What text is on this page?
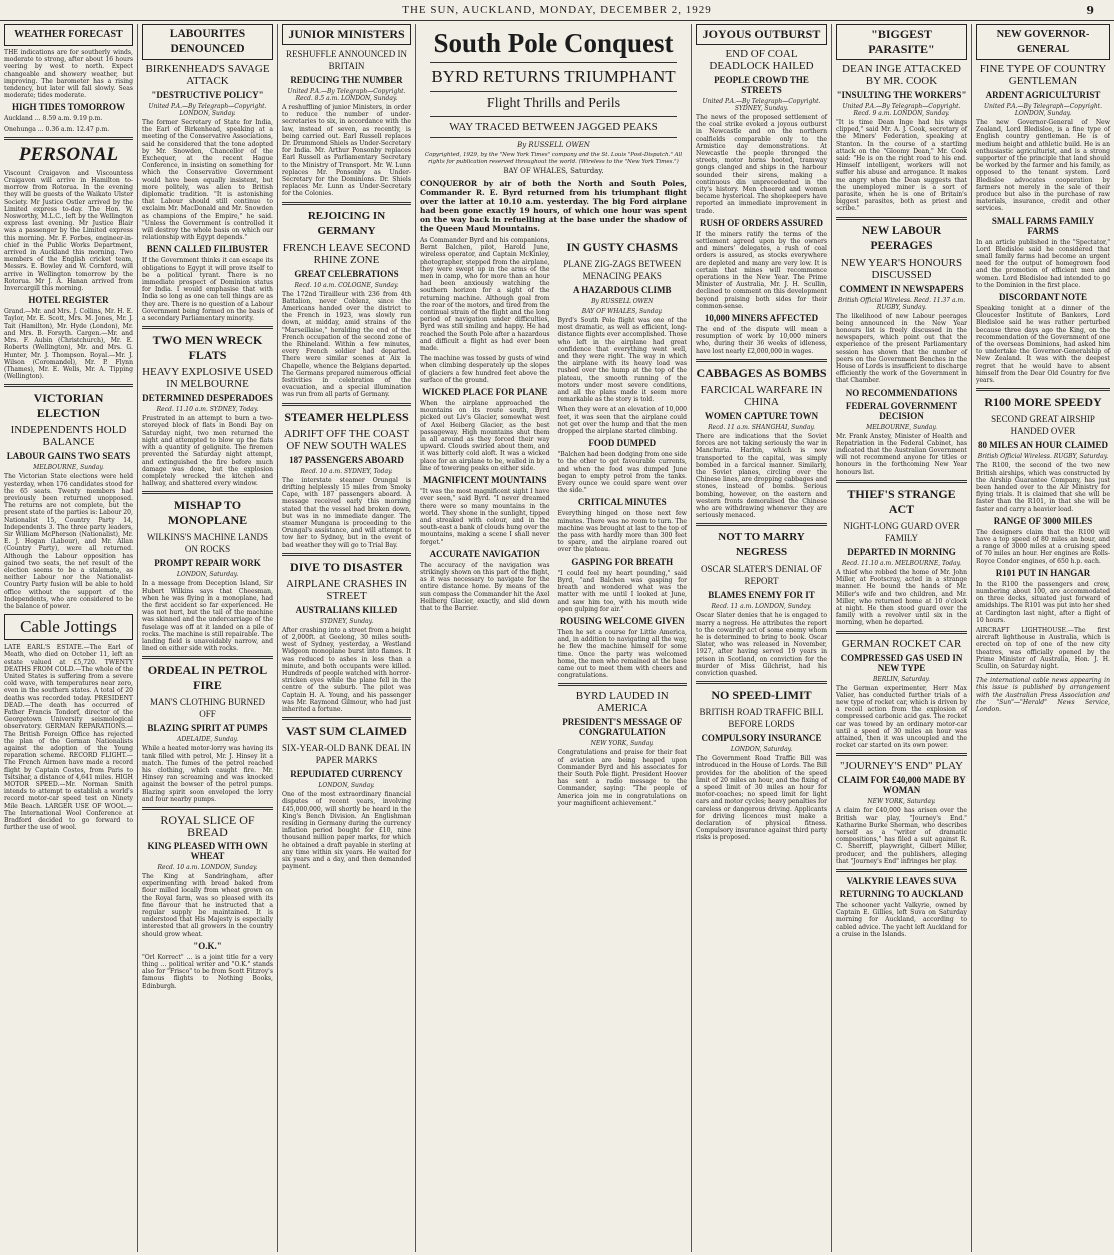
THE SUN, AUCKLAND, MONDAY, DECEMBER 2, 1929	9
WEATHER FORECAST
THE indications are for southerly winds, moderate to strong, after about 16 hours veering by west to north. Expect changeable and showery weather, but improving. The barometer has a rising tendency, but later will fall slowly. Seas moderate; tides moderate.
HIGH TIDES TOMORROW
Auckland ... 8.59 a.m. 9.19 p.m.
Onehunga ... 0.36 a.m. 12.47 p.m.
PERSONAL
Viscount Craigavon and Viscountess Craigavon will arrive in Hamilton to-morrow from Rotorua. In the evening they will be guests of the Waikato Ulster Society. Mr Justice Ostler arrived by the Limited express to-day. The Hon. W. Nosworthy, M.L.C., left by the Wellington express last evening. Mr Justice Blair was a passenger by the Limited express this morning. Mr. F. Forbes, engineer-in-chief in the Public Works Department, arrived in Auckland this morning. Two members of the English cricket team, Messrs. E. Bowley and W. Cornford, will arrive in Wellington tomorrow by the Rotorua. Mr J. A. Hanan arrived from Invercargill this morning.
HOTEL REGISTER
Grand.—Mr. and Mrs. J. Collins, Mr. H. E. Taylor, Mr. E. Scott, Mrs. M. Jones, Mr. J. Tait (Hamilton), Mr. Hyde (London), Mr. and Mrs. B. Forsyth. Cargen.—Mr. and Mrs. F. Aubin (Christchurch), Mr. E. Roberts (Wellington), Mr. and Mrs. G. Hunter, Mr. J. Thompson. Royal.—Mr. J. Wilson (Coromandel), Mr. P. Flynn (Thames), Mr. E. Wells, Mr. A. Tipping (Wellington).
VICTORIAN ELECTION
INDEPENDENTS HOLD BALANCE
LABOUR GAINS TWO SEATS
MELBOURNE, Sunday.
The Victorian State elections were held yesterday, when 176 candidates stood for the 65 seats. Twenty members had previously been returned unopposed. The returns are not complete, but the present state of the parties is: Labour 20, Nationalist 15, Country Party 14, Independents 3. The three party leaders, Sir William McPherson (Nationalist), Mr. E. J. Hogan (Labour), and Mr. Allan (Country Party), were all returned. Although the Labour opposition has gained two seats, the net result of the election seems to be a stalemate, as neither Labour nor the Nationalist-Country Party fusion will be able to hold office without the support of the Independents, who are considered to be the balance of power.
Cable Jottings
LATE EARL'S ESTATE.—The Earl of Meath, who died on October 11, left an estate valued at £5,720. TWENTY DEATHS FROM COLD.—The whole of the United States is suffering from a severe cold wave, with temperatures near zero, even in the southern states. A total of 20 deaths was recorded today. PRESIDENT DEAD.—The death has occurred of Father Francis Tondorf, director of the Georgetown University seismological observatory. GERMAN REPARATIONS.—The British Foreign Office has rejected the plan of the German Nationalists against the adoption of the Young reparation scheme. RECORD FLIGHT.—The French Airmen have made a record flight by Captain Costes, from Paris to Tsitsihar, a distance of 4,641 miles. HIGH MOTOR SPEED.—Mr. Norman Smith intends to attempt to establish a world's record motor-car speed test on Ninety Mile Beach. LARGER USE OF WOOL.—The International Wool Conference at Bradford decided to go forward to further the use of wool.
LABOURITES DENOUNCED
BIRKENHEAD'S SAVAGE ATTACK
"DESTRUCTIVE POLICY"
United P.A.—By Telegraph—Copyright. LONDON, Sunday.
The former Secretary of State for India, the Earl of Birkenhead, speaking at a meeting of the Conservative Associations, said he considered that the tone adopted by Mr. Snowden, Chancellor of the Exchequer, at the recent Hague Conference, in insisting on something for which the Conservative Government would have been equally insistent, but more politely, was alien to British diplomatic tradition. "It is astonishing that Labour should still continue to exclaim Mr. MacDonald and Mr. Snowden as champions of the Empire," he said. "Unless the Government is controlled it will destroy the whole basis on which our relationship with Egypt depends."
BENN CALLED FILIBUSTER
If the Government thinks it can escape its obligations to Egypt it will prove itself to be a political tyrant. There is no immediate prospect of Dominion status for India. I would emphasise that with India so long as one can tell things are as they are. There is no question of a Labour Government being formed on the basis of a secondary Parliamentary minority.
TWO MEN WRECK FLATS
HEAVY EXPLOSIVE USED IN MELBOURNE
DETERMINED DESPERADOES
Recd. 11.10 a.m. SYDNEY, Today.
Frustrated in an attempt to burn a two-storeyed block of flats in Bondi Bay on Saturday night, two men returned the night and attempted to blow up the flats with a quantity of gelignite. The firemen prevented the Saturday night attempt, and extinguished the fire before much damage was done, but the explosion completely wrecked the kitchen and hallway, and shattered every window.
MISHAP TO MONOPLANE
WILKINS'S MACHINE LANDS ON ROCKS
PROMPT REPAIR WORK
LONDON, Saturday.
In a message from Deception Island, Sir Hubert Wilkins says that Cheesman, when he was flying in a monoplane, had the first accident so far experienced. He was not hurt, but the tail of the machine was skinned and the undercarriage of the fuselage was off at it landed on a pile of rocks. The machine is still repairable. The landing field is unavoidably narrow, and lined on either side with rocks.
ORDEAL IN PETROL FIRE
MAN'S CLOTHING BURNED OFF
BLAZING SPIRIT AT PUMPS
ADELAIDE, Sunday.
While a heated motor-lorry was having its tank filled with petrol, Mr. J. Hinsey lit a match. The fumes of the petrol reached his clothing, which caught fire. Mr. Hinsey ran screaming and was knocked against the bowser of the petrol pumps. Blazing spirit soon enveloped the lorry and four nearby pumps.
ROYAL SLICE OF BREAD
KING PLEASED WITH OWN WHEAT
Recd. 10 a.m. LONDON, Sunday.
The King at Sandringham, after experimenting with bread baked from flour milled locally from wheat grown on the Royal farm, was so pleased with its fine flavour that he instructed that a regular supply be maintained. It is understood that His Majesty is especially interested that all growers in the country should grow wheat.
"O.K."
"Orl Korrect" ... is a joint title for a very thing ... political writer and "O.K." stands also for "Frisco" to be from Scott Fitzroy's famous flights to Nothing Books, Edinburgh.
JUNIOR MINISTERS
RESHUFFLE ANNOUNCED IN BRITAIN
REDUCING THE NUMBER
United P.A.—By Telegraph—Copyright. Recd. 8.5 a.m. LONDON, Sunday.
A reshuffling of junior Ministers, in order to reduce the number of under-secretaries to six, in accordance with the law, instead of seven, as recently, is being carried out. Earl Russell replaces Dr. Drummond Shiels as Under-Secretary for India. Mr. Arthur Ponsonby replaces Earl Russell as Parliamentary Secretary to the Ministry of Transport. Mr. W. Lunn replaces Mr. Ponsonby as Under-Secretary for the Dominions. Dr. Shiels replaces Mr. Lunn as Under-Secretary for the Colonies.
REJOICING IN GERMANY
FRENCH LEAVE SECOND RHINE ZONE
GREAT CELEBRATIONS
Recd. 10 a.m. COLOGNE, Sunday.
The 172nd Tirailleur with 236 from 4th Battalion, never Coblenz, since the Americans handed over the district to the French in 1923, was slowly run down, at midday, amid strains of the "Marseillaise," heralding the end of the French occupation of the second zone of the Rhineland. Within a few minutes, every French soldier had departed. There were similar scenes at Aix la Chapelle, whence the Belgians departed. The Germans prepared numerous official festivities in celebration of the evacuation, and a special illumination was run from all parts of Germany.
STEAMER HELPLESS
ADRIFT OFF THE COAST OF NEW SOUTH WALES
187 PASSENGERS ABOARD
Recd. 10 a.m. SYDNEY, Today.
The interstate steamer Orungal is drifting helplessly 15 miles from Smoky Cape, with 187 passengers aboard. A message received early this morning stated that the vessel had broken down, but was in no immediate danger. The steamer Mungana is proceeding to the Orungal's assistance, and will attempt to tow her to Sydney, but in the event of bad weather they will go to Trial Bay.
DIVE TO DISASTER
AIRPLANE CRASHES IN STREET
AUSTRALIANS KILLED
SYDNEY, Sunday.
After crashing into a street from a height of 2,000ft. at Geelong, 30 miles south-west of Sydney, yesterday, a Westland Widgeon monoplane burst into flames. It was reduced to ashes in less than a minute, and both occupants were killed. Hundreds of people watched with horror-stricken eyes while the plane fell in the centre of the suburb. The pilot was Captain H. A. Young, and his passenger was Mr. Raymond Gilmour, who had just inherited a fortune.
VAST SUM CLAIMED
SIX-YEAR-OLD BANK DEAL IN PAPER MARKS
REPUDIATED CURRENCY
LONDON, Sunday.
One of the most extraordinary financial disputes of recent years, involving £45,000,000, will shortly be heard in the King's Bench Division. An Englishman residing in Germany during the currency inflation period bought for £10, nine thousand million paper marks, for which he obtained a draft payable in sterling at any time within six years. He waited for six years and a day, and then demanded payment.
South Pole Conquest
BYRD RETURNS TRIUMPHANT
Flight Thrills and Perils
WAY TRACED BETWEEN JAGGED PEAKS
By RUSSELL OWEN
Copyrighted, 1929, by the "New York Times" company and the St. Louis "Post-Dispatch." All rights for publication reserved throughout the world. (Wireless to the "New York Times.")
BAY OF WHALES, Saturday.
CONQUEROR by air of both the North and South Poles, Commander R. E. Byrd returned from his triumphant flight over the latter at 10.10 a.m. yesterday. The big Ford airplane had been gone exactly 19 hours, of which one hour was spent on the way back in refuelling at the base under the shadow of the Queen Maud Mountains.
As Commander Byrd and his companions, Bernt Balchen, pilot, Harold June, wireless operator, and Captain McKinley, photographer, stepped from the airplane, they were swept up in the arms of the men in camp, who for more than an hour had been anxiously watching the southern horizon for a sight of the returning machine. Although goal from the roar of the motors, and tired from the continual strain of the flight and the long period of navigation under difficulties, Byrd was still smiling and happy. He had reached the South Pole after a hazardous and difficult a flight as had ever been made.
The machine was tossed by gusts of wind when climbing desperately up the slopes of glaciers a few hundred feet above the surface of the ground.
WICKED PLACE FOR PLANE
When the airplane approached the mountains on its route south, Byrd picked out Liv's Glacier, somewhat west of Axel Heiberg Glacier, as the best passageway. High mountains shut them in all around as they forced their way upward. Clouds swirled about them, and it was bitterly cold aloft. It was a wicked place for an airplane to be, walled in by a line of towering peaks on either side.
MAGNIFICENT MOUNTAINS
"It was the most magnificent sight I have ever seen," said Byrd. "I never dreamed there were so many mountains in the world. They shone in the sunlight, tipped and streaked with colour, and in the south-east a bank of clouds hung over the mountains, making a scene I shall never forget."
ACCURATE NAVIGATION
The accuracy of the navigation was strikingly shown on this part of the flight, as it was necessary to navigate for the entire distance home. By means of the sun compass the Commander hit the Axel Heilberg Glacier, exactly, and slid down that to the Barrier.
IN GUSTY CHASMS
PLANE ZIG-ZAGS BETWEEN MENACING PEAKS
A HAZARDOUS CLIMB
By RUSSELL OWEN
BAY OF WHALES, Sunday.
Byrd's South Pole flight was one of the most dramatic, as well as efficient, long-distance flights ever accomplished. Those who left in the airplane had great confidence that everything went well, and they were right. The way in which the airplane with its heavy load was rushed over the hump at the top of the plateau, the smooth running of the motors under most severe conditions, and all the plans made it seem more remarkable as the story is told.
When they were at an elevation of 10,000 feet, it was seen that the airplane could not get over the hump and that the men dropped the airplane started climbing.
FOOD DUMPED
"Balchen had been dodging from one side to the other to get favourable currents, and when the food was dumped June began to empty petrol from the tanks. Every ounce we could spare went over the side."
CRITICAL MINUTES
Everything hinged on those next few minutes. There was no room to turn. The machine was brought at last to the top of the pass with hardly more than 300 feet to spare, and the airplane roared out over the plateau.
GASPING FOR BREATH
"I could feel my heart pounding," said Byrd, "and Balchen was gasping for breath and wondered what was the matter with me until I looked at June, and saw him too, with his mouth wide open gulping for air."
ROUSING WELCOME GIVEN
Then he set a course for Little America, and, in addition to navigating all the way, he flew the machine himself for some time. Once the party was welcomed home, the men who remained at the base came out to meet them with cheers and congratulations.
BYRD LAUDED IN AMERICA
PRESIDENT'S MESSAGE OF CONGRATULATION
NEW YORK, Sunday.
Congratulations and praise for their feat of aviation are being heaped upon Commander Byrd and his associates for their South Pole flight. President Hoover has sent a radio message to the Commander, saying: "The people of America join me in congratulations on your magnificent achievement."
JOYOUS OUTBURST
END OF COAL DEADLOCK HAILED
PEOPLE CROWD THE STREETS
United P.A.—By Telegraph—Copyright. SYDNEY, Sunday.
The news of the proposed settlement of the coal strike evoked a joyous outburst in Newcastle and on the northern coalfields comparable only to the Armistice day demonstrations. At Newcastle the people thronged the streets, motor horns hooted, tramway gongs clanged and ships in the harbour sounded their sirens, making a continuous din unprecedented in the city's history. Men cheered and women became hysterical. The shopkeepers have reported an immediate improvement in trade.
RUSH OF ORDERS ASSURED
If the miners ratify the terms of the settlement agreed upon by the owners and miners' delegates, a rush of coal orders is assured, as stocks everywhere are depleted and many are very low. It is certain that mines will recommence operations in the New Year. The Prime Minister of Australia, Mr. J. H. Scullin, declined to comment on this development beyond praising both sides for their common-sense.
10,000 MINERS AFFECTED
The end of the dispute will mean a resumption of work by 10,000 miners who, during their 36 weeks of idleness, have lost nearly £2,000,000 in wages.
CABBAGES AS BOMBS
FARCICAL WARFARE IN CHINA
WOMEN CAPTURE TOWN
Recd. 11 a.m. SHANGHAI, Sunday.
There are indications that the Soviet forces are not taking seriously the war in Manchuria. Harbin, which is now transported to the capital, was simply bombed in a farcical manner. Similarly, the Soviet planes, circling over the Chinese lines, are dropping cabbages and stones, instead of bombs. Serious bombing, however, on the eastern and western fronts demoralised the Chinese who are withdrawing whenever they are seriously menaced.
NOT TO MARRY NEGRESS
OSCAR SLATER'S DENIAL OF REPORT
BLAMES ENEMY FOR IT
Recd. 11 a.m. LONDON, Sunday.
Oscar Slater denies that he is engaged to marry a negress. He attributes the report to the cowardly act of some enemy whom he is determined to bring to book. Oscar Slater, who was released in November, 1927, after having served 19 years in prison in Scotland, on conviction for the murder of Miss Gilchrist, had his conviction quashed.
NO SPEED-LIMIT
BRITISH ROAD TRAFFIC BILL BEFORE LORDS
COMPULSORY INSURANCE
LONDON, Saturday.
The Government Road Traffic Bill was introduced in the House of Lords. The Bill provides for the abolition of the speed limit of 20 miles an hour, and the fixing of a speed limit of 30 miles an hour for motor-coaches; no speed limit for light cars and motor cycles; heavy penalties for careless or dangerous driving. Applicants for driving licences must make a declaration of physical fitness. Compulsory insurance against third party risks is proposed.
"BIGGEST PARASITE"
DEAN INGE ATTACKED BY MR. COOK
"INSULTING THE WORKERS"
United P.A.—By Telegraph—Copyright. Recd. 9 a.m. LONDON, Sunday.
"It is time Dean Inge had his wings clipped," said Mr. A. J. Cook, secretary of the Miners' Federation, speaking at Stanton. In the course of a startling attack on the "Gloomy Dean," Mr. Cook said: "He is on the right road to his end. Himself intelligent, workers will not suffer his abuse and arrogance. It makes me angry when the Dean suggests that the unemployed miner is a sort of parasite, when he is one of Britain's biggest parasites, both as priest and scribe."
NEW LABOUR PEERAGES
NEW YEAR'S HONOURS DISCUSSED
COMMENT IN NEWSPAPERS
British Official Wireless. Recd. 11.37 a.m. RUGBY, Sunday.
The likelihood of new Labour peerages being announced in the New Year honours list is freely discussed in the newspapers, which point out that the experience of the present Parliamentary session has shown that the number of peers on the Government Benches in the House of Lords is insufficient to discharge efficiently the work of the Government in that Chamber.
NO RECOMMENDATIONS
FEDERAL GOVERNMENT DECISION
MELBOURNE, Sunday.
Mr. Frank Anstey, Minister of Health and Repatriation in the Federal Cabinet, has indicated that the Australian Government will not recommend anyone for titles or honours in the forthcoming New Year honours list.
THIEF'S STRANGE ACT
NIGHT-LONG GUARD OVER FAMILY
DEPARTED IN MORNING
Recd. 11.10 a.m. MELBOURNE, Today.
A thief who robbed the home of Mr. John Miller, at Footscray, acted in a strange manner. He bound the hands of Mr. Miller's wife and two children, and Mr. Miller, who returned home at 10 o'clock at night. He then stood guard over the family with a revolver until six in the morning, when he departed.
GERMAN ROCKET CAR
COMPRESSED GAS USED IN NEW TYPE
BERLIN, Saturday.
The German experimenter, Herr Max Valier, has conducted further trials of a new type of rocket car, which is driven by a recoil action from the explosion of compressed carbonic acid gas. The rocket car was towed by an ordinary motor-car until a speed of 30 miles an hour was attained, then it was uncoupled and the rocket car started on its own power.
"JOURNEY'S END" PLAY
CLAIM FOR £40,000 MADE BY WOMAN
NEW YORK, Saturday.
A claim for £40,000 has arisen over the British war play, "Journey's End." Katharine Burke Sherman, who describes herself as a "writer of dramatic compositions," has filed a suit against R. C. Sherriff, playwright, Gilbert Miller, producer, and the publishers, alleging that "Journey's End" infringes her play.
VALKYRIE LEAVES SUVA
RETURNING TO AUCKLAND
The schooner yacht Valkyrie, owned by Captain E. Gillies, left Suva on Saturday morning for Auckland, according to cabled advice. The yacht left Auckland for a cruise in the Islands.
NEW GOVERNOR-GENERAL
FINE TYPE OF COUNTRY GENTLEMAN
ARDENT AGRICULTURIST
United P.A.—By Telegraph—Copyright. LONDON, Sunday.
The new Governor-General of New Zealand, Lord Bledisloe, is a fine type of English country gentleman. He is of medium height and athletic build. He is an enthusiastic agriculturist, and is a strong supporter of the principle that land should be worked by the farmer and his family, as opposed to the tenant system. Lord Bledisloe advocates cooperation by farmers not merely in the sale of their produce but also in the purchase of raw materials, insurance, credit and other services.
SMALL FARMS FAMILY FARMS
In an article published in the "Spectator," Lord Bledisloe said he considered that small family farms had become an urgent need for the output of homegrown food and the promotion of efficient men and women. Lord Bledisloe had intended to go to the Dominion in the first place.
DISCORDANT NOTE
Speaking tonight at a dinner of the Gloucester Institute of Bankers, Lord Bledisloe said he was rather perturbed because three days ago the King, on the recommendation of the Government of one of the overseas Dominions, had asked him to undertake the Governor-Generalship of New Zealand. It was with the deepest regret that he would have to absent himself from the Dear Old Country for five years.
R100 MORE SPEEDY
SECOND GREAT AIRSHIP HANDED OVER
80 MILES AN HOUR CLAIMED
British Official Wireless. RUGBY, Saturday.
The R100, the second of the two new British airships, which was constructed by the Airship Guarantee Company, has just been handed over to the Air Ministry for flying trials. It is claimed that she will be faster than the R101, in that she will be faster and carry a heavier load.
RANGE OF 3000 MILES
The designers claim that the R100 will have a top speed of 80 miles an hour, and a range of 3000 miles at a cruising speed of 70 miles an hour. Her engines are Rolls-Royce Condor engines, of 650 h.p. each.
R101 PUT IN HANGAR
In the R100 the passengers and crew, numbering about 100, are accommodated on three decks, situated just forward of amidships. The R101 was put into her shed at Cardington last night, after a flight of 10 hours.
AIRCRAFT LIGHTHOUSE.—The first aircraft lighthouse in Australia, which is erected on top of one of the new city theatres, was officially opened by the Prime Minister of Australia, Hon. J. H. Scullin, on Saturday night.
The international cable news appearing in this issue is published by arrangement with the Australian Press Association and the "Sun"—"Herald" News Service, London.
